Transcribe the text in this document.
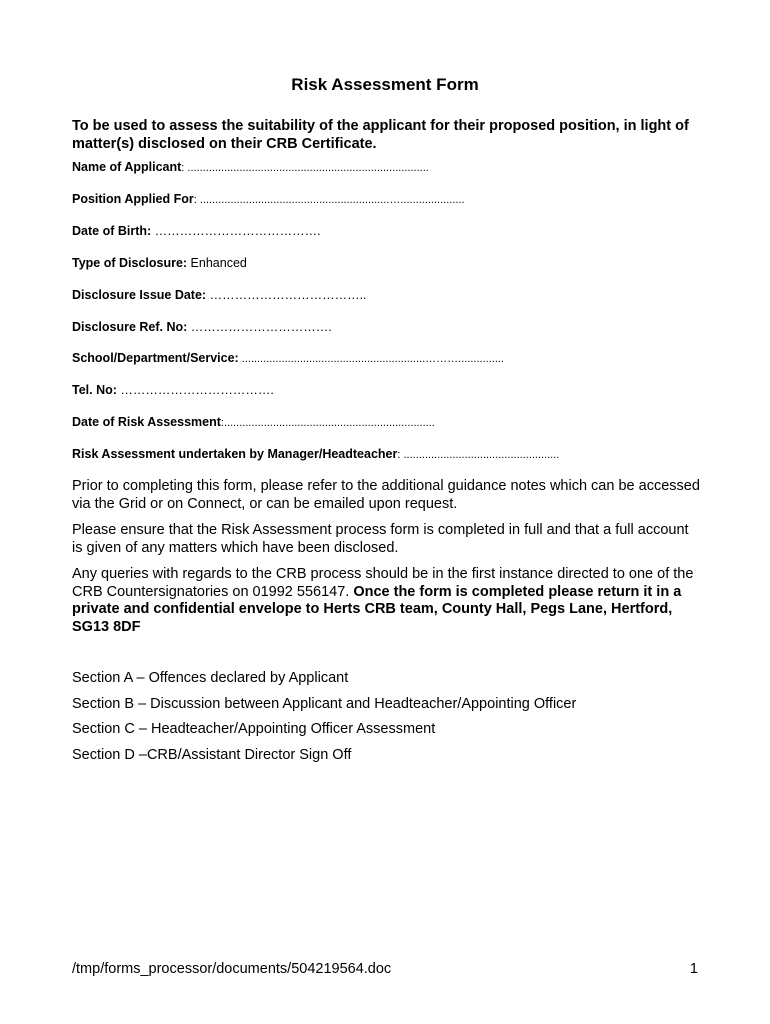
Risk Assessment Form
To be used to assess the suitability of the applicant for their proposed position, in light of matter(s) disclosed on their CRB Certificate.
Name of Applicant: ...............................................................................
Position Applied For: ..............................................................….....................
Date of Birth: ………………………………….
Type of Disclosure: Enhanced
Disclosure Issue Date: ………………………………..
Disclosure Ref. No: …………………………….
School/Department/Service: ............................................................………...............
Tel. No: ……………………………….
Date of Risk Assessment:.....................................................................
Risk Assessment undertaken by Manager/Headteacher: ...................................................
Prior to completing this form, please refer to the additional guidance notes which can be accessed via the Grid or on Connect, or can be emailed upon request.
Please ensure that the Risk Assessment process form is completed in full and that a full account is given of any matters which have been disclosed.
Any queries with regards to the CRB process should be in the first instance directed to one of the CRB Countersignatories on 01992 556147. Once the form is completed please return it in a private and confidential envelope to Herts CRB team, County Hall, Pegs Lane, Hertford, SG13 8DF
Section A – Offences declared by Applicant
Section B – Discussion between Applicant and Headteacher/Appointing Officer
Section C – Headteacher/Appointing Officer Assessment
Section D –CRB/Assistant Director Sign Off
/tmp/forms_processor/documents/504219564.doc	1
